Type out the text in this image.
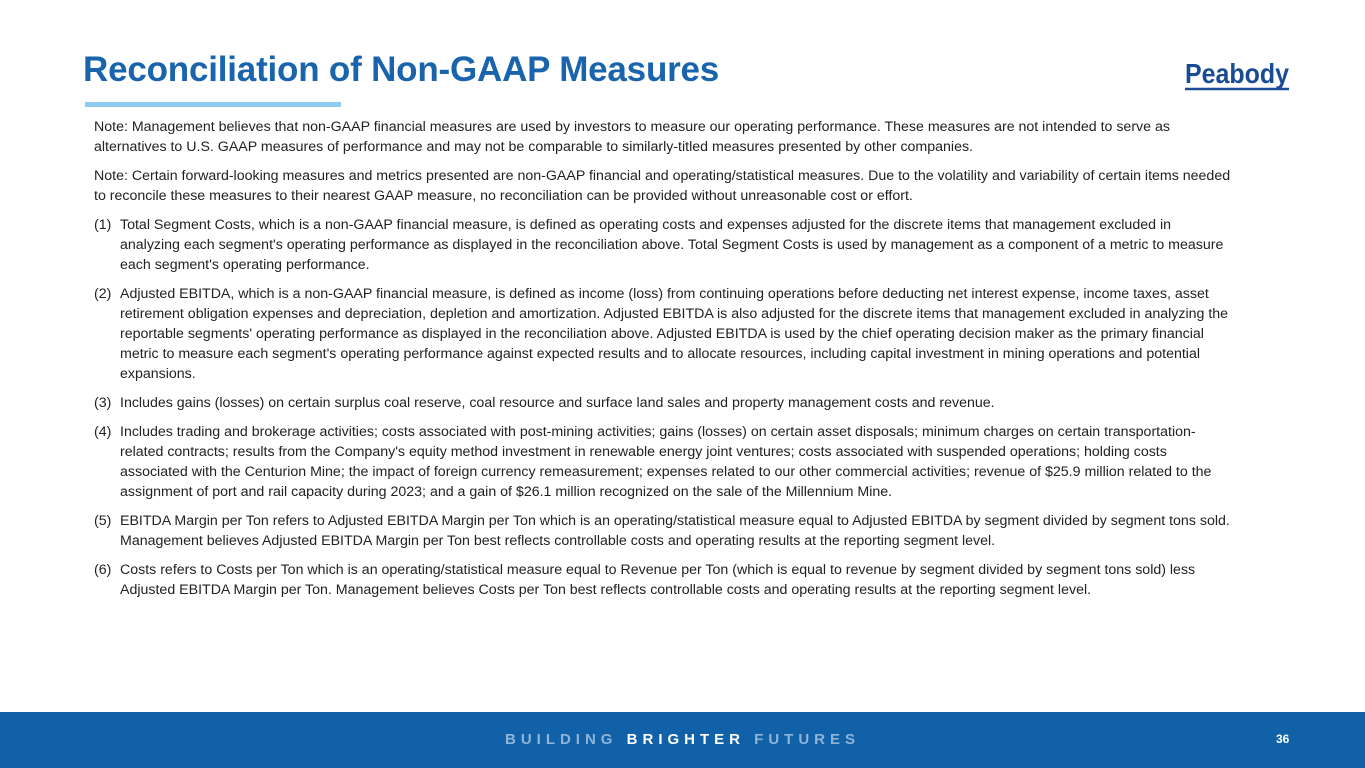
Reconciliation of Non-GAAP Measures	Peabody

Note: Management believes that non-GAAP financial measures are used by investors to measure our operating performance. These measures are not intended to serve as alternatives to U.S. GAAP measures of performance and may not be comparable to similarly-titled measures presented by other companies.

Note: Certain forward-looking measures and metrics presented are non-GAAP financial and operating/statistical measures. Due to the volatility and variability of certain items needed to reconcile these measures to their nearest GAAP measure, no reconciliation can be provided without unreasonable cost or effort.

(1) Total Segment Costs, which is a non-GAAP financial measure, is defined as operating costs and expenses adjusted for the discrete items that management excluded in analyzing each segment's operating performance as displayed in the reconciliation above. Total Segment Costs is used by management as a component of a metric to measure each segment's operating performance.
(2) Adjusted EBITDA, which is a non-GAAP financial measure, is defined as income (loss) from continuing operations before deducting net interest expense, income taxes, asset retirement obligation expenses and depreciation, depletion and amortization. Adjusted EBITDA is also adjusted for the discrete items that management excluded in analyzing the reportable segments' operating performance as displayed in the reconciliation above. Adjusted EBITDA is used by the chief operating decision maker as the primary financial metric to measure each segment's operating performance against expected results and to allocate resources, including capital investment in mining operations and potential expansions.
(3) Includes gains (losses) on certain surplus coal reserve, coal resource and surface land sales and property management costs and revenue.
(4) Includes trading and brokerage activities; costs associated with post-mining activities; gains (losses) on certain asset disposals; minimum charges on certain transportation-related contracts; results from the Company's equity method investment in renewable energy joint ventures; costs associated with suspended operations; holding costs associated with the Centurion Mine; the impact of foreign currency remeasurement; expenses related to our other commercial activities; revenue of $25.9 million related to the assignment of port and rail capacity during 2023; and a gain of $26.1 million recognized on the sale of the Millennium Mine.
(5) EBITDA Margin per Ton refers to Adjusted EBITDA Margin per Ton which is an operating/statistical measure equal to Adjusted EBITDA by segment divided by segment tons sold. Management believes Adjusted EBITDA Margin per Ton best reflects controllable costs and operating results at the reporting segment level.
(6) Costs refers to Costs per Ton which is an operating/statistical measure equal to Revenue per Ton (which is equal to revenue by segment divided by segment tons sold) less Adjusted EBITDA Margin per Ton. Management believes Costs per Ton best reflects controllable costs and operating results at the reporting segment level.
BUILDING BRIGHTER FUTURES	36
